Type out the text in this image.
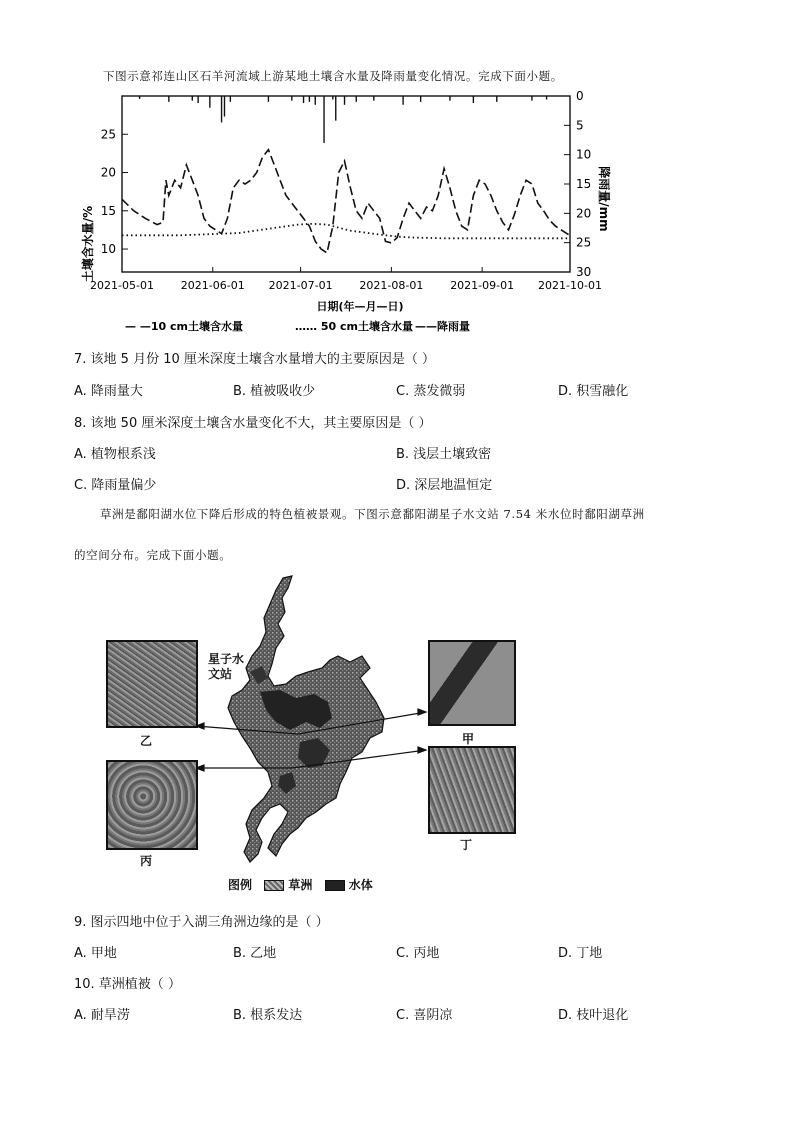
下图示意祁连山区石羊河流域上游某地土壤含水量及降雨量变化情况。完成下面小题。
25
20
15
10
0
5
10
15
20
25
30
2021-05-01 2021-06-01 2021-07-01 2021-08-01 2021-09-01 2021-10-01
土壤含水量/%
降雨量/mm
日期(年—月—日)
— —10 cm土壤含水量	…… 50 cm土壤含水量 ——降雨量
7. 该地 5 月份 10 厘米深度土壤含水量增大的主要原因是（ ）
A. 降雨量大	B. 植被吸收少	C. 蒸发微弱	D. 积雪融化
8. 该地 50 厘米深度土壤含水量变化不大，其主要原因是（ ）
A. 植物根系浅	B. 浅层土壤致密
C. 降雨量偏少	D. 深层地温恒定
草洲是鄱阳湖水位下降后形成的特色植被景观。下图示意鄱阳湖星子水文站 7.54 米水位时鄱阳湖草洲
的空间分布。完成下面小题。
星子水
文站
乙
丙
甲
丁
图例	草洲	水体
9. 图示四地中位于入湖三角洲边缘的是（ ）
A. 甲地	B. 乙地	C. 丙地	D. 丁地
10. 草洲植被（ ）
A. 耐旱涝	B. 根系发达	C. 喜阴凉	D. 枝叶退化
